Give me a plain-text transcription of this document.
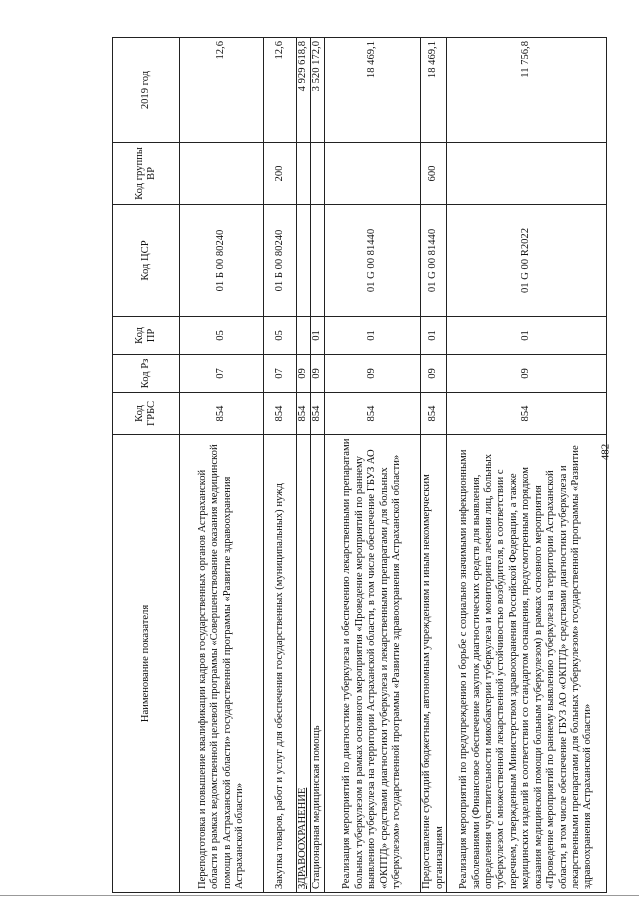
482
Наименование показателя	Код ГРБС	Код Рз	Код ПР	Код ЦСР	Код группы ВР	2019 год
Переподготовка и повышение квалификации кадров государственных органов Астраханской области в рамках ведомственной целевой программы «Совершенствование оказания медицинской помощи в Астраханской области» государственной программы «Развитие здравоохранения Астраханской области»	854	07	05	01 Б 00 80240		12,6
Закупка товаров, работ и услуг для обеспечения государственных (муниципальных) нужд	854	07	05	01 Б 00 80240	200	12,6
ЗДРАВООХРАНЕНИЕ	854	09				4 929 618,8
Стационарная медицинская помощь	854	09	01			3 520 172,0
Реализация мероприятий по диагностике туберкулеза и обеспечению лекарственными препаратами больных туберкулезом в рамках основного мероприятия «Проведение мероприятий по раннему выявлению туберкулеза на территории Астраханской области, в том числе обеспечение ГБУЗ АО «ОКПТД» средствами диагностики туберкулеза и лекарственными препаратами для больных туберкулезом» государственной программы «Развитие здравоохранения Астраханской области»	854	09	01	01 G 00 81440		18 469,1
Предоставление субсидий бюджетным, автономным учреждениям и иным некоммерческим организациям	854	09	01	01 G 00 81440	600	18 469,1
Реализация мероприятий по предупреждению и борьбе с социально значимыми инфекционными заболеваниями (Финансовое обеспечение закупок диагностических средств для выявления, определения чувствительности микобактерии туберкулеза и мониторинга лечения лиц, больных туберкулезом с множественной лекарственной устойчивостью возбудителя, в соответствии с перечнем, утвержденным Министерством здравоохранения Российской Федерации, а также медицинских изделий в соответствии со стандартом оснащения, предусмотренным порядком оказания медицинской помощи больным туберкулезом) в рамках основного мероприятия «Проведение мероприятий по раннему выявлению туберкулеза на территории Астраханской области, в том числе обеспечение ГБУЗ АО «ОКПТД» средствами диагностики туберкулеза и лекарственными препаратами для больных туберкулезом» государственной программы «Развитие здравоохранения Астраханской области»	854	09	01	01 G 00 R2022		11 756,8
